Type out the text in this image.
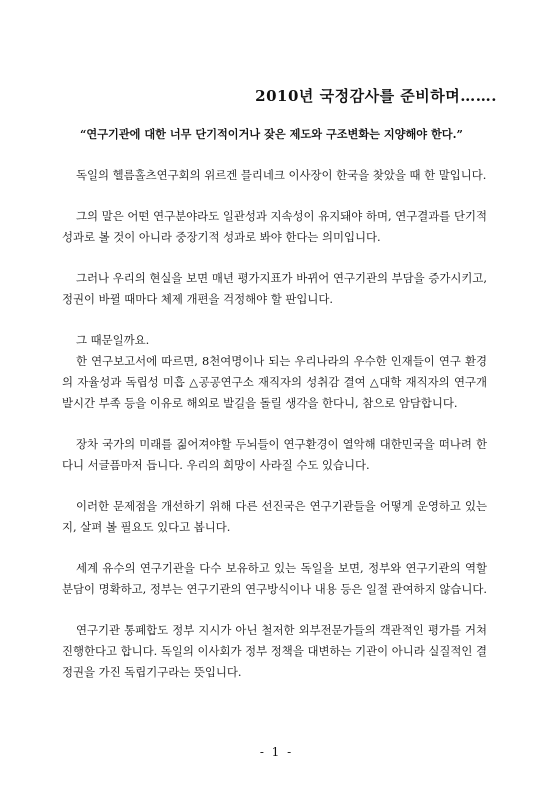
2010년 국정감사를 준비하며…….
“연구기관에 대한 너무 단기적이거나 잦은 제도와 구조변화는 지양해야 한다.”

독일의 헬름홀츠연구회의 위르겐 믈리네크 이사장이 한국을 찾았을 때 한 말입니다.

그의 말은 어떤 연구분야라도 일관성과 지속성이 유지돼야 하며, 연구결과를 단기적 성과로 볼 것이 아니라 중장기적 성과로 봐야 한다는 의미입니다.

그러나 우리의 현실을 보면 매년 평가지표가 바뀌어 연구기관의 부담을 증가시키고, 정권이 바뀔 때마다 체제 개편을 걱정해야 할 판입니다.

그 때문일까요.

한 연구보고서에 따르면, 8천여명이나 되는 우리나라의 우수한 인재들이 연구 환경의 자율성과 독립성 미흡 △공공연구소 재직자의 성취감 결여 △대학 재직자의 연구개발시간 부족 등을 이유로 해외로 발길을 돌릴 생각을 한다니, 참으로 암담합니다.

장차 국가의 미래를 짊어져야할 두뇌들이 연구환경이 열악해 대한민국을 떠나려 한다니 서글픔마저 듭니다. 우리의 희망이 사라질 수도 있습니다.

이러한 문제점을 개선하기 위해 다른 선진국은 연구기관들을 어떻게 운영하고 있는지, 살펴 볼 필요도 있다고 봅니다.

세계 유수의 연구기관을 다수 보유하고 있는 독일을 보면, 정부와 연구기관의 역할분담이 명확하고, 정부는 연구기관의 연구방식이나 내용 등은 일절 관여하지 않습니다.

연구기관 통폐합도 정부 지시가 아닌 철저한 외부전문가들의 객관적인 평가를 거쳐 진행한다고 합니다. 독일의 이사회가 정부 정책을 대변하는 기관이 아니라 실질적인 결정권을 가진 독립기구라는 뜻입니다.

- 1 -
